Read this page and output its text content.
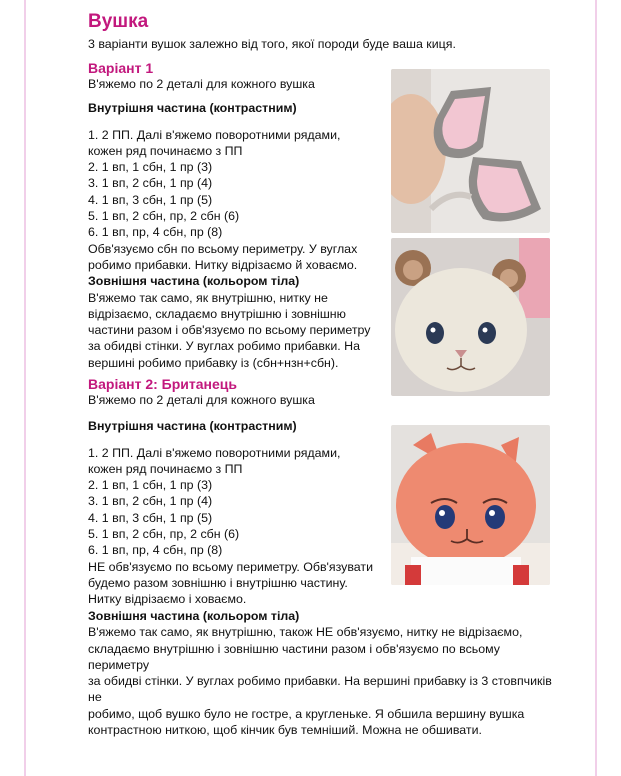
Вушка

3 варіанти вушок залежно від того, якої породи буде ваша киця.

Варіант 1

В'яжемо по 2 деталі для кожного вушка

Внутрішня частина (контрастним)

1. 2 ПП. Далі в'яжемо поворотними рядами,

кожен ряд починаємо з ПП

2. 1 вп, 1 сбн, 1 пр (3)

3. 1 вп, 2 сбн, 1 пр (4)

4. 1 вп, 3 сбн, 1 пр (5)

5. 1 вп, 2 сбн, пр, 2 сбн (6)

6. 1 вп, пр, 4 сбн, пр (8)

Обв'язуємо сбн по всьому периметру. У вуглах

робимо прибавки. Нитку відрізаємо й ховаємо.

Зовнішня частина (кольором тіла)

В'яжемо так само, як внутрішню, нитку не

відрізаємо, складаємо внутрішню і зовнішню

частини разом і обв'язуємо по всьому периметру

за обидві стінки. У вуглах робимо прибавки. На

вершині робимо прибавку із (сбн+нзн+сбн).

Варіант 2: Британець

В'яжемо по 2 деталі для кожного вушка

Внутрішня частина (контрастним)

1. 2 ПП. Далі в'яжемо поворотними рядами,

кожен ряд починаємо з ПП

2. 1 вп, 1 сбн, 1 пр (3)

3. 1 вп, 2 сбн, 1 пр (4)

4. 1 вп, 3 сбн, 1 пр (5)

5. 1 вп, 2 сбн, пр, 2 сбн (6)

6. 1 вп, пр, 4 сбн, пр (8)

НЕ обв'язуємо по всьому периметру. Обв'язувати

будемо разом зовнішню і внутрішню частину.

Нитку відрізаємо і ховаємо.

Зовнішня частина (кольором тіла)

В'яжемо так само, як внутрішню, також НЕ обв'язуємо, нитку не відрізаємо,

складаємо внутрішню і зовнішню частини разом і обв'язуємо по всьому периметру

за обидві стінки. У вуглах робимо прибавки. На вершині прибавку із 3 стовпчиків не

робимо, щоб вушко було не гостре, а кругленьке. Я обшила вершину вушка

контрастною ниткою, щоб кінчик був темніший. Можна не обшивати.
